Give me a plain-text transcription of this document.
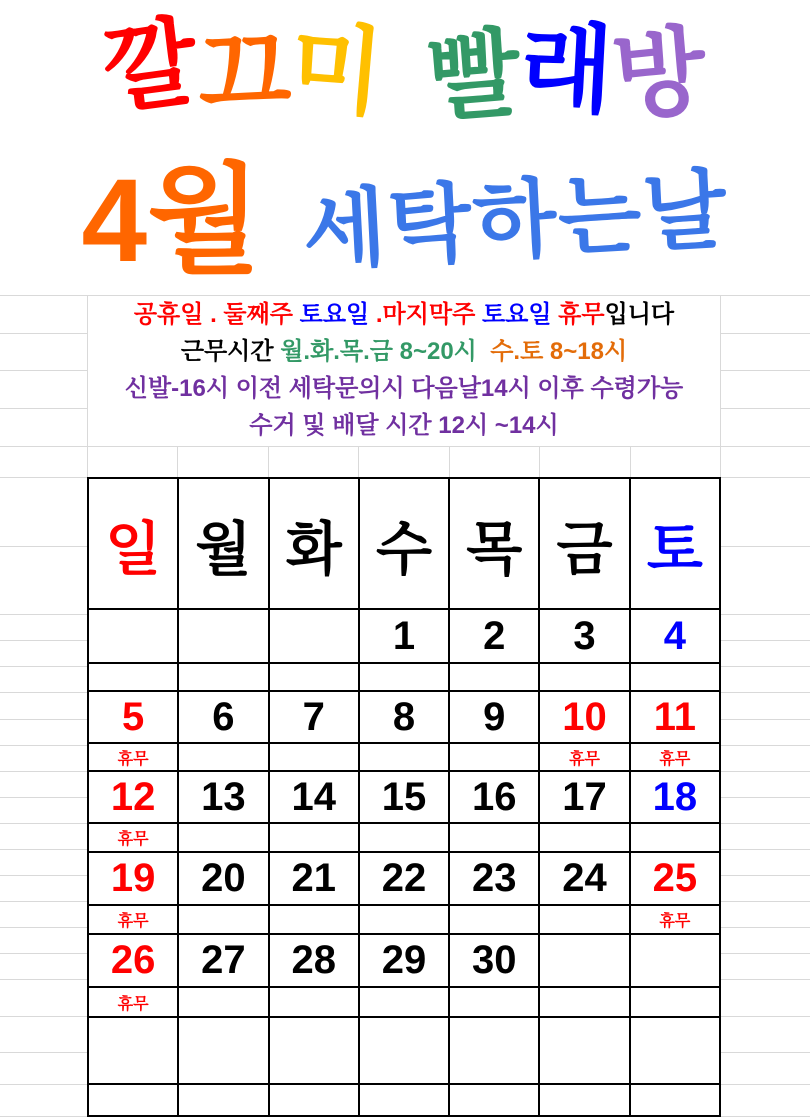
깔끄미 빨래방
4월 세탁하는날
공휴일 . 둘째주 토요일 .마지막주 토요일 휴무입니다
근무시간 월.화.목.금 8~20시  수.토 8~18시
신발-16시 이전 세탁문의시 다음날14시 이후 수령가능
수거 및 배달 시간 12시 ~14시
일	월	화	수	목	금	토
			1	2	3	4

5	6	7	8	9	10	11
휴무					휴무	휴무
12	13	14	15	16	17	18
휴무						
19	20	21	22	23	24	25
휴무						휴무
26	27	28	29	30		
휴무						
